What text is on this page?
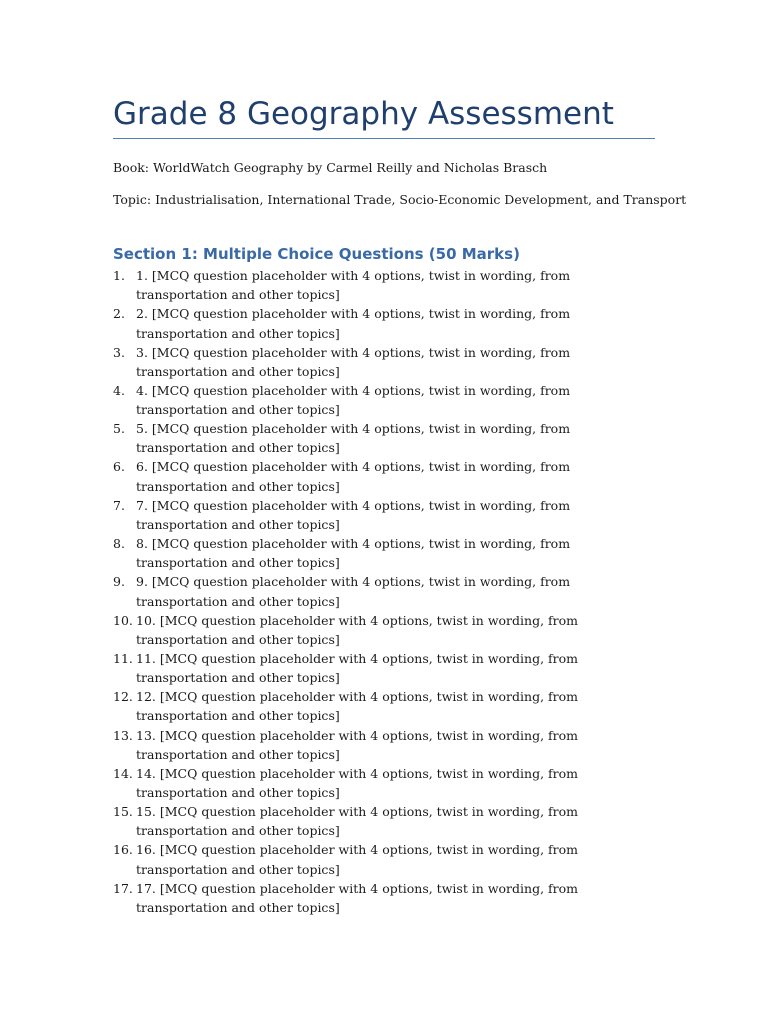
Grade 8 Geography Assessment

Book: WorldWatch Geography by Carmel Reilly and Nicholas Brasch

Topic: Industrialisation, International Trade, Socio-Economic Development, and Transport

Section 1: Multiple Choice Questions (50 Marks)
1. 1. [MCQ question placeholder with 4 options, twist in wording, from transportation and other topics]
2. 2. [MCQ question placeholder with 4 options, twist in wording, from transportation and other topics]
3. 3. [MCQ question placeholder with 4 options, twist in wording, from transportation and other topics]
4. 4. [MCQ question placeholder with 4 options, twist in wording, from transportation and other topics]
5. 5. [MCQ question placeholder with 4 options, twist in wording, from transportation and other topics]
6. 6. [MCQ question placeholder with 4 options, twist in wording, from transportation and other topics]
7. 7. [MCQ question placeholder with 4 options, twist in wording, from transportation and other topics]
8. 8. [MCQ question placeholder with 4 options, twist in wording, from transportation and other topics]
9. 9. [MCQ question placeholder with 4 options, twist in wording, from transportation and other topics]
10. 10. [MCQ question placeholder with 4 options, twist in wording, from transportation and other topics]
11. 11. [MCQ question placeholder with 4 options, twist in wording, from transportation and other topics]
12. 12. [MCQ question placeholder with 4 options, twist in wording, from transportation and other topics]
13. 13. [MCQ question placeholder with 4 options, twist in wording, from transportation and other topics]
14. 14. [MCQ question placeholder with 4 options, twist in wording, from transportation and other topics]
15. 15. [MCQ question placeholder with 4 options, twist in wording, from transportation and other topics]
16. 16. [MCQ question placeholder with 4 options, twist in wording, from transportation and other topics]
17. 17. [MCQ question placeholder with 4 options, twist in wording, from transportation and other topics]
